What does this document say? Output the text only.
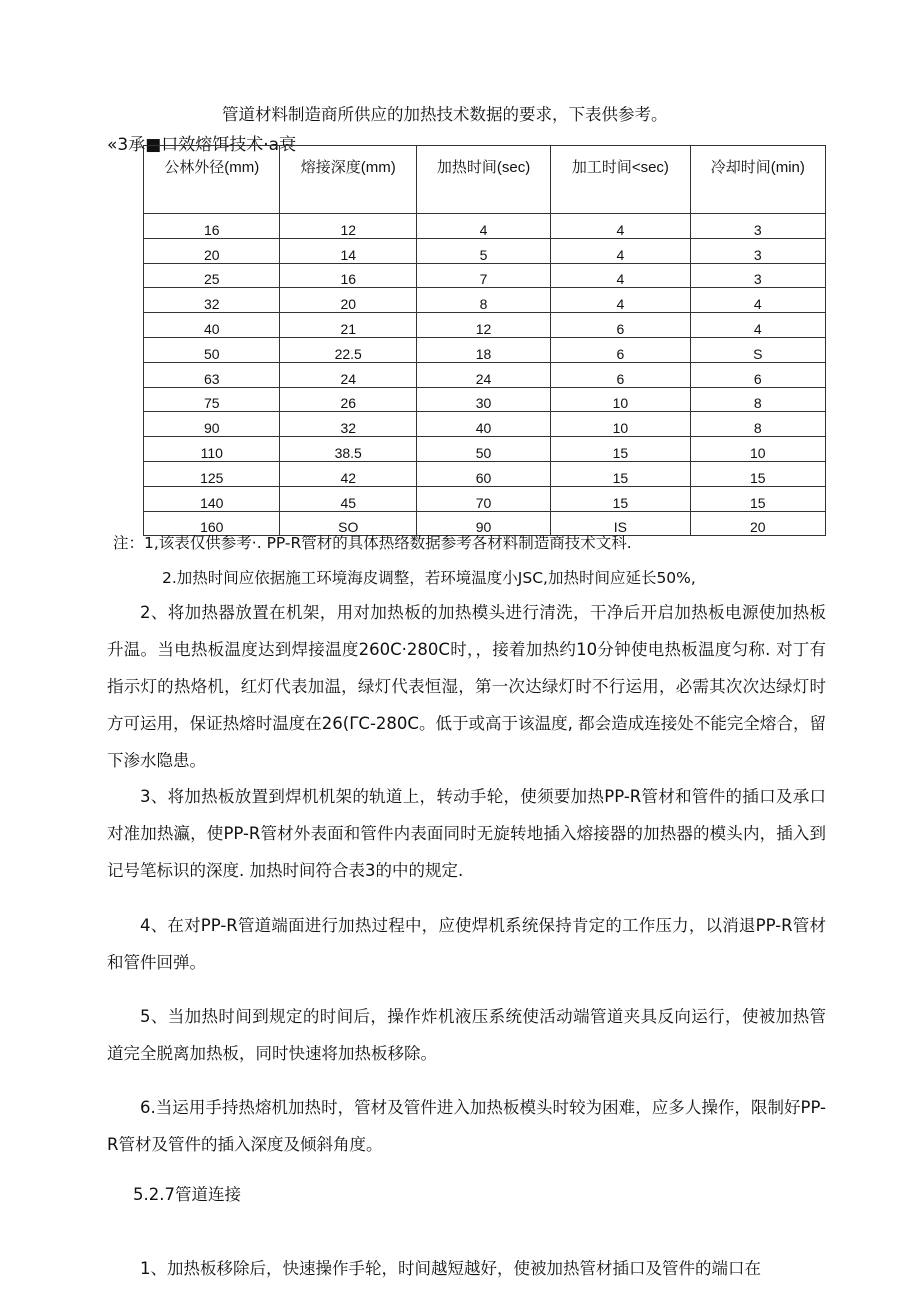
管道材料制造商所供应的加热技术数据的要求，下表供参考。
«3承■口效熔饵技术·a衰
公林外径(mm)	熔接深度(mm)	加热时间(sec)	加工时间<sec)	冷却时间(min)
16	12	4	4	3
20	14	5	4	3
25	16	7	4	3
32	20	8	4	4
40	21	12	6	4
50	22.5	18	6	S
63	24	24	6	6
75	26	30	10	8
90	32	40	10	8
110	38.5	50	15	10
125	42	60	15	15
140	45	70	15	15
160	SO	90	IS	20
注：1,该表仅供参考·. PP-R管材的具体热络数据参考各材料制造商技术文科.
2.加热时间应依据施工环境海皮调整，若环境温度小JSC,加热时间应延长50%,
2、将加热器放置在机架，用对加热板的加热模头进行清洗，干净后开启加热板电源使加热板升温。当电热板温度达到焊接温度260C·280C时，，接着加热约10分钟使电热板温度匀称. 对丁有指示灯的热烙机，红灯代表加温，绿灯代表恒湿，第一次达绿灯时不行运用，必需其次次达绿灯时方可运用，保证热熔时温度在26(ΓC-280C。低于或高于该温度, 都会造成连接处不能完全熔合，留下渗水隐患。
3、将加热板放置到焊机机架的轨道上，转动手轮，使须要加热PP-R管材和管件的插口及承口对准加热瀛，使PP-R管材外表面和管件内表面同时无旋转地插入熔接器的加热器的模头内，插入到记号笔标识的深度. 加热时间符合表3的中的规定.
4、在对PP-R管道端面进行加热过程中，应使焊机系统保持肯定的工作压力，以消退PP-R管材和管件回弹。
5、当加热时间到规定的时间后，操作炸机液压系统使活动端管道夹具反向运行，使被加热管道完全脱离加热板，同时快速将加热板移除。
6.当运用手持热熔机加热时，管材及管件进入加热板模头时较为困难，应多人操作，限制好PP-R管材及管件的插入深度及倾斜角度。
5.2.7管道连接
1、加热板移除后，快速操作手轮，时间越短越好，使被加热管材插口及管件的端口在
